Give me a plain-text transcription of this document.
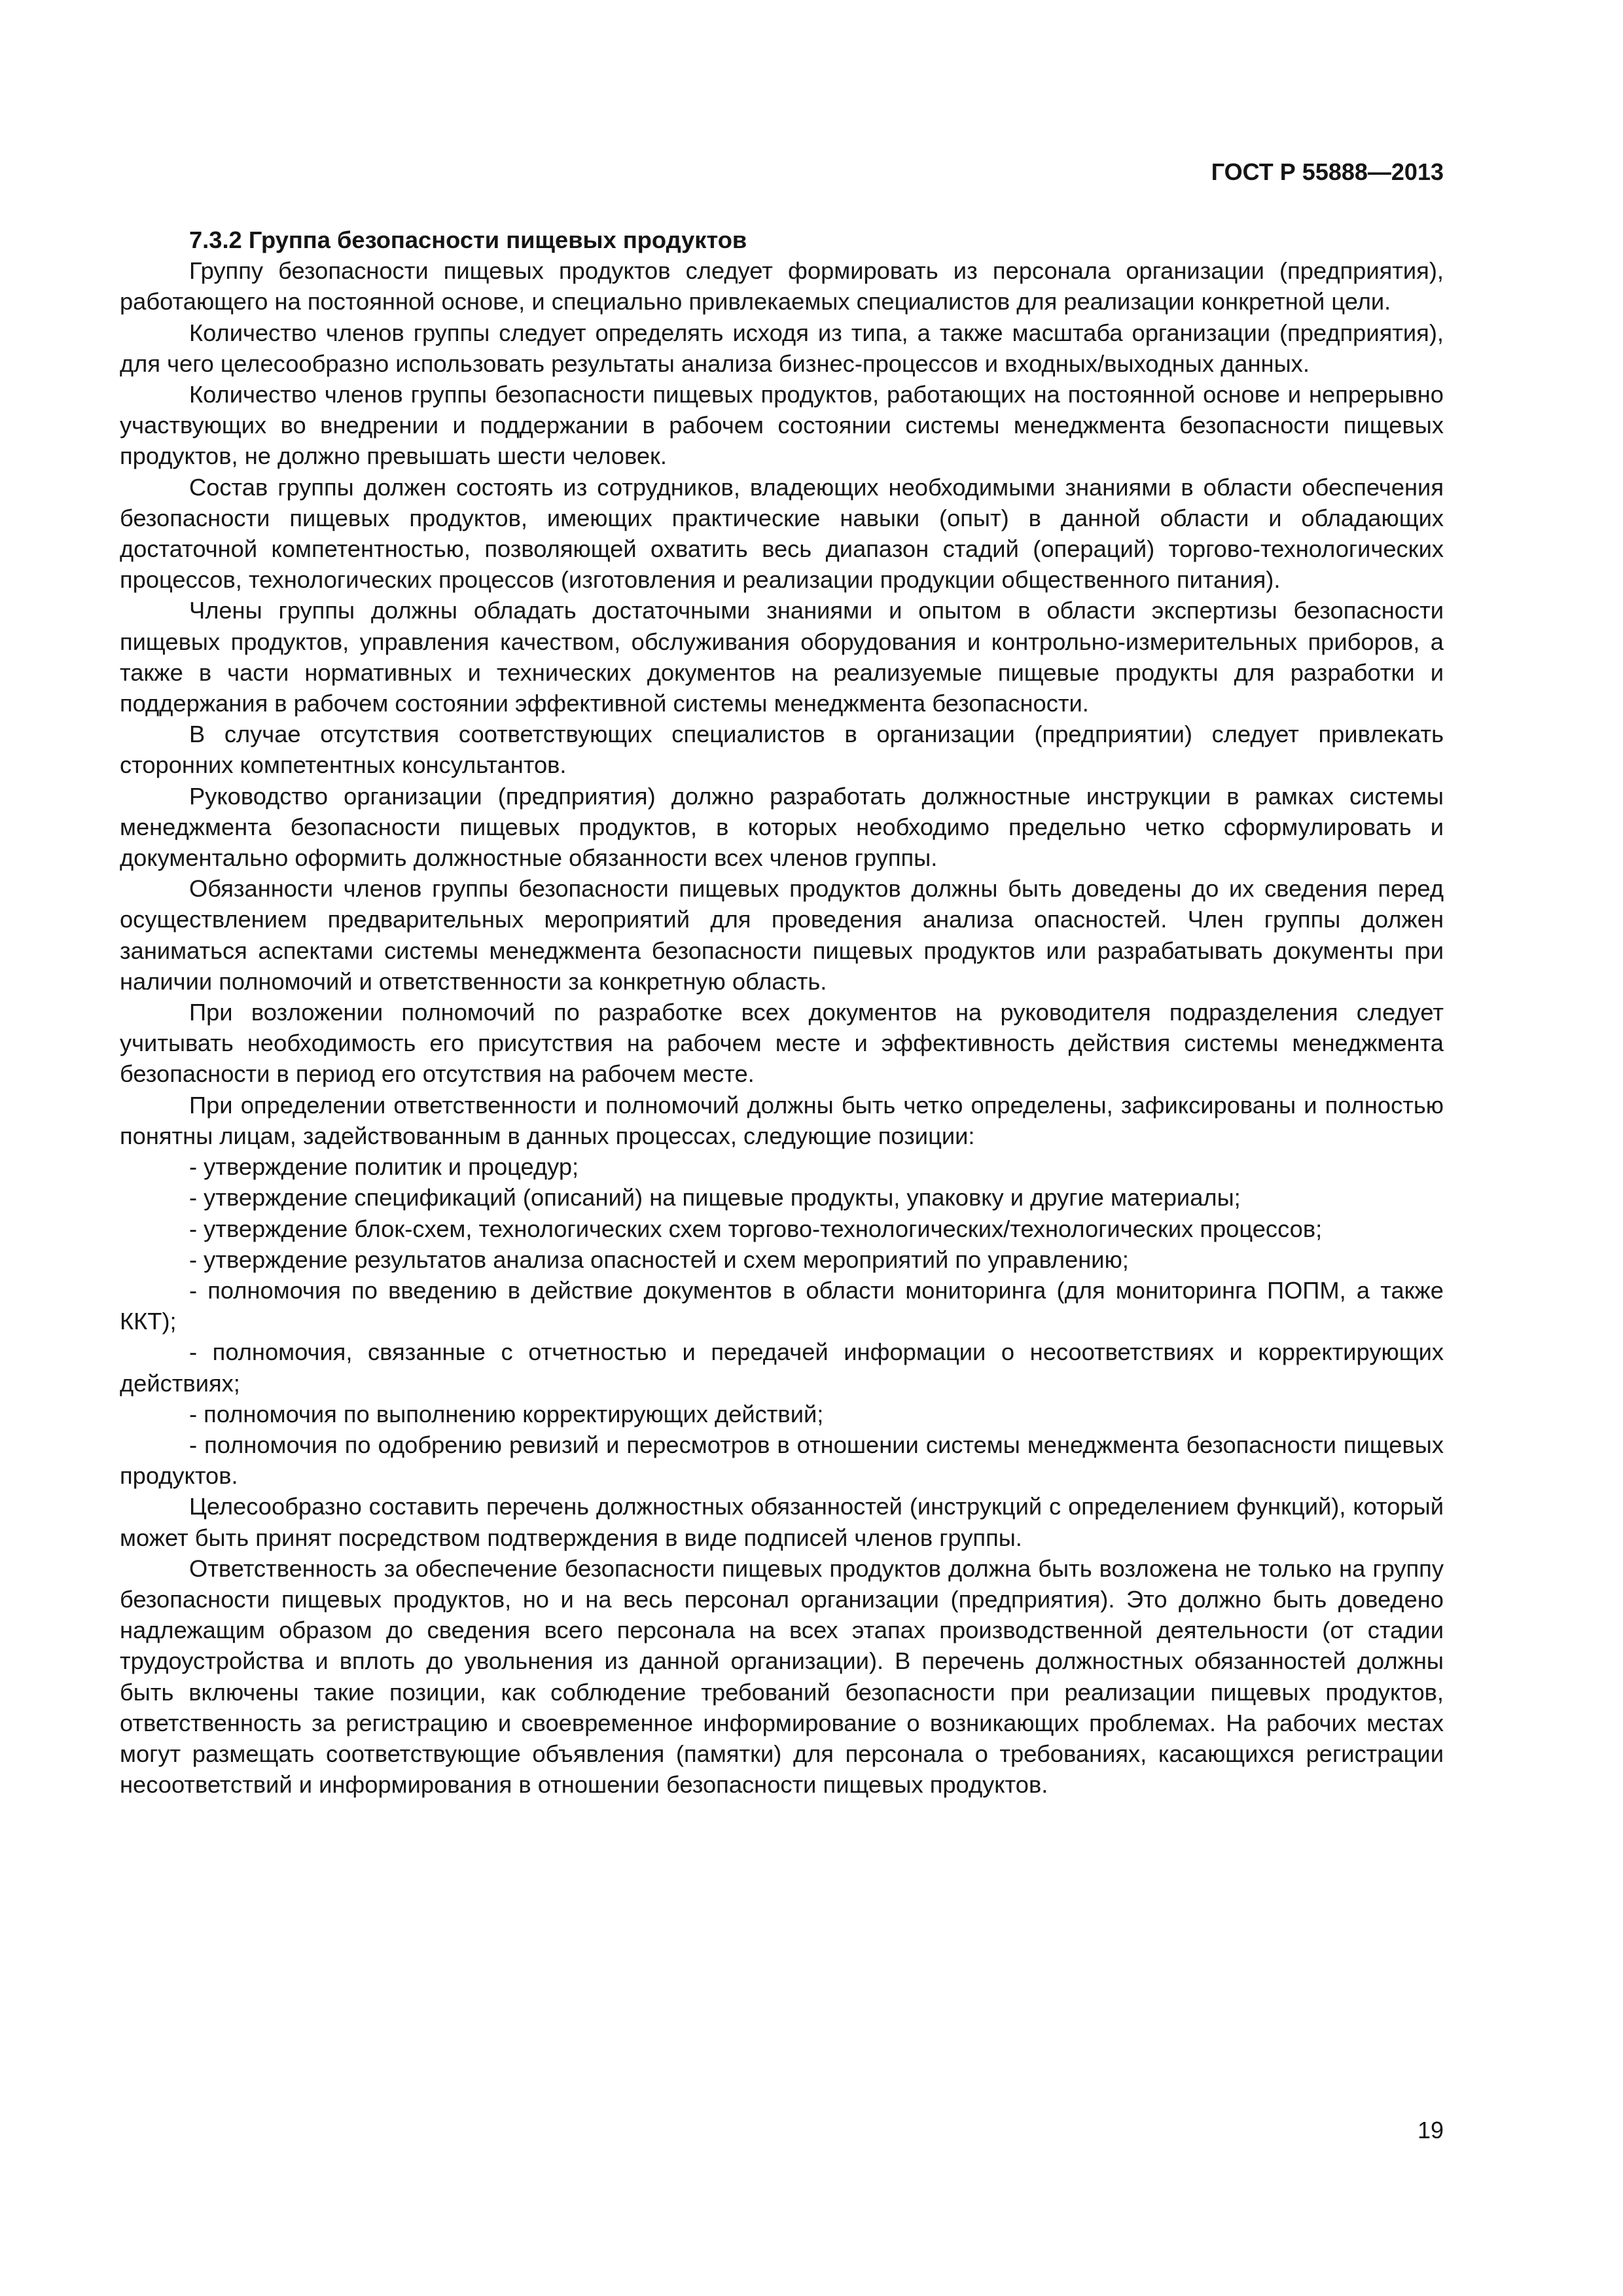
ГОСТ Р 55888—2013
7.3.2 Группа безопасности пищевых продуктов

Группу безопасности пищевых продуктов следует формировать из персонала организации (предприятия), работающего на постоянной основе, и специально привлекаемых специалистов для реализации конкретной цели.

Количество членов группы следует определять исходя из типа, а также масштаба организации (предприятия), для чего целесообразно использовать результаты анализа бизнес-процессов и входных/выходных данных.

Количество членов группы безопасности пищевых продуктов, работающих на постоянной основе и непрерывно участвующих во внедрении и поддержании в рабочем состоянии системы менеджмента безопасности пищевых продуктов, не должно превышать шести человек.

Состав группы должен состоять из сотрудников, владеющих необходимыми знаниями в области обеспечения безопасности пищевых продуктов, имеющих практические навыки (опыт) в данной области и обладающих достаточной компетентностью, позволяющей охватить весь диапазон стадий (операций) торгово-технологических процессов, технологических процессов (изготовления и реализации продукции общественного питания).

Члены группы должны обладать достаточными знаниями и опытом в области экспертизы безопасности пищевых продуктов, управления качеством, обслуживания оборудования и контрольно-измерительных приборов, а также в части нормативных и технических документов на реализуемые пищевые продукты для разработки и поддержания в рабочем состоянии эффективной системы менеджмента безопасности.

В случае отсутствия соответствующих специалистов в организации (предприятии) следует привлекать сторонних компетентных консультантов.

Руководство организации (предприятия) должно разработать должностные инструкции в рамках системы менеджмента безопасности пищевых продуктов, в которых необходимо предельно четко сформулировать и документально оформить должностные обязанности всех членов группы.

Обязанности членов группы безопасности пищевых продуктов должны быть доведены до их сведения перед осуществлением предварительных мероприятий для проведения анализа опасностей. Член группы должен заниматься аспектами системы менеджмента безопасности пищевых продуктов или разрабатывать документы при наличии полномочий и ответственности за конкретную область.

При возложении полномочий по разработке всех документов на руководителя подразделения следует учитывать необходимость его присутствия на рабочем месте и эффективность действия системы менеджмента безопасности в период его отсутствия на рабочем месте.

При определении ответственности и полномочий должны быть четко определены, зафиксированы и полностью понятны лицам, задействованным в данных процессах, следующие позиции:

- утверждение политик и процедур;
- утверждение спецификаций (описаний) на пищевые продукты, упаковку и другие материалы;
- утверждение блок-схем, технологических схем торгово-технологических/технологических процессов;
- утверждение результатов анализа опасностей и схем мероприятий по управлению;
- полномочия по введению в действие документов в области мониторинга (для мониторинга ПОПМ, а также ККТ);
- полномочия, связанные с отчетностью и передачей информации о несоответствиях и корректирующих действиях;
- полномочия по выполнению корректирующих действий;
- полномочия по одобрению ревизий и пересмотров в отношении системы менеджмента безопасности пищевых продуктов.

Целесообразно составить перечень должностных обязанностей (инструкций с определением функций), который может быть принят посредством подтверждения в виде подписей членов группы.

Ответственность за обеспечение безопасности пищевых продуктов должна быть возложена не только на группу безопасности пищевых продуктов, но и на весь персонал организации (предприятия). Это должно быть доведено надлежащим образом до сведения всего персонала на всех этапах производственной деятельности (от стадии трудоустройства и вплоть до увольнения из данной организации). В перечень должностных обязанностей должны быть включены такие позиции, как соблюдение требований безопасности при реализации пищевых продуктов, ответственность за регистрацию и своевременное информирование о возникающих проблемах. На рабочих местах могут размещать соответствующие объявления (памятки) для персонала о требованиях, касающихся регистрации несоответствий и информирования в отношении безопасности пищевых продуктов.

19
